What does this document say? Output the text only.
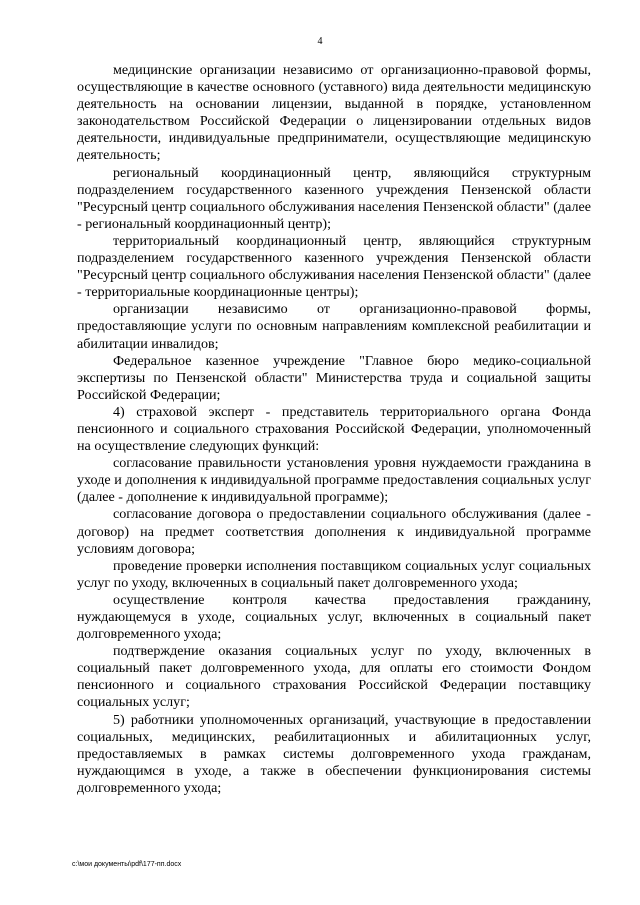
4

медицинские организации независимо от организационно-правовой формы, осуществляющие в качестве основного (уставного) вида деятельности медицинскую деятельность на основании лицензии, выданной в порядке, установленном законодательством Российской Федерации о лицензировании отдельных видов деятельности, индивидуальные предприниматели, осуществляющие медицинскую деятельность;

региональный координационный центр, являющийся структурным подразделением государственного казенного учреждения Пензенской области "Ресурсный центр социального обслуживания населения Пензенской области" (далее - региональный координационный центр);

территориальный координационный центр, являющийся структурным подразделением государственного казенного учреждения Пензенской области "Ресурсный центр социального обслуживания населения Пензенской области" (далее - территориальные координационные центры);

организации независимо от организационно-правовой формы, предоставляющие услуги по основным направлениям комплексной реабилитации и абилитации инвалидов;

Федеральное казенное учреждение "Главное бюро медико-социальной экспертизы по Пензенской области" Министерства труда и социальной защиты Российской Федерации;

4) страховой эксперт - представитель территориального органа Фонда пенсионного и социального страхования Российской Федерации, уполномоченный на осуществление следующих функций:

согласование правильности установления уровня нуждаемости гражданина в уходе и дополнения к индивидуальной программе предоставления социальных услуг (далее - дополнение к индивидуальной программе);

согласование договора о предоставлении социального обслуживания (далее - договор) на предмет соответствия дополнения к индивидуальной программе условиям договора;

проведение проверки исполнения поставщиком социальных услуг социальных услуг по уходу, включенных в социальный пакет долговременного ухода;

осуществление контроля качества предоставления гражданину, нуждающемуся в уходе, социальных услуг, включенных в социальный пакет долговременного ухода;

подтверждение оказания социальных услуг по уходу, включенных в социальный пакет долговременного ухода, для оплаты его стоимости Фондом пенсионного и социального страхования Российской Федерации поставщику социальных услуг;

5) работники уполномоченных организаций, участвующие в предоставлении социальных, медицинских, реабилитационных и абилитационных услуг, предоставляемых в рамках системы долговременного ухода гражданам, нуждающимся в уходе, а также в обеспечении функционирования системы долговременного ухода;

c:\мои документы\pdf\177-пп.docx
